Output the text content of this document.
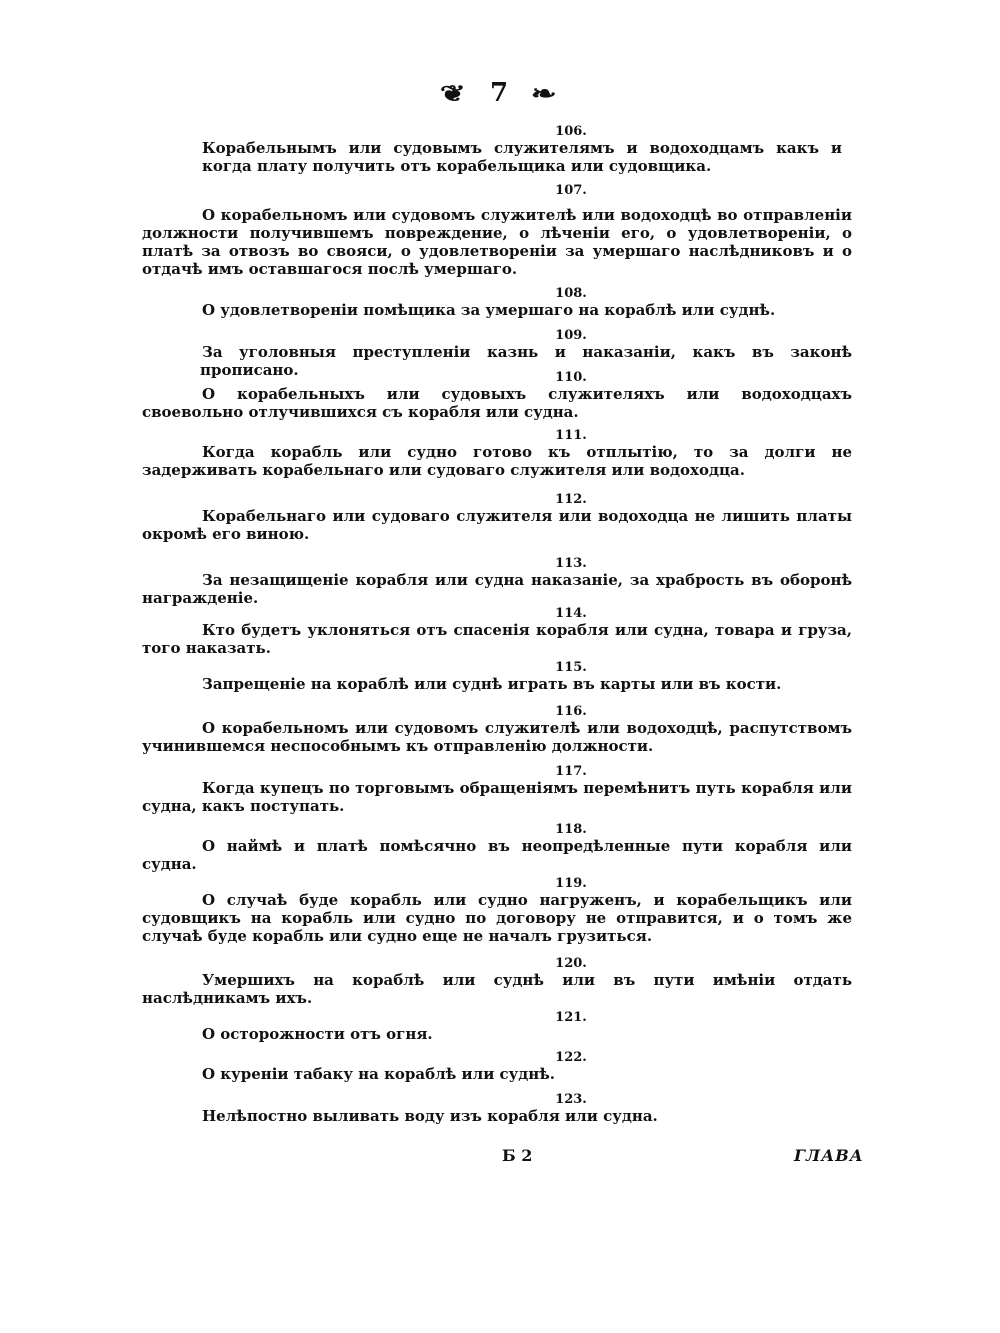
❦ 7 ❧
106.
Корабельнымъ или судовымъ служителямъ и водоходцамъ какъ и когда плату получить отъ корабельщика или судовщика.
107.
О корабельномъ или судовомъ служителѣ или водоходцѣ во отправленiи должности получившемъ повреждение, о лѣченiи его, о удовлетворенiи, о платѣ за отвозъ во свояси, о удовлетворенiи за умершаго наслѣдниковъ и о отдачѣ имъ оставшагося послѣ умершаго.
108.
О удовлетворенiи помѣщика за умершаго на кораблѣ или суднѣ.
109.
За уголовныя преступленiи казнь и наказанiи, какъ въ законѣ прописано.	110.
О корабельныхъ или судовыхъ служителяхъ или водоходцахъ своевольно отлучившихся съ корабля или судна.
111.
Когда корабль или судно готово къ отплытiю, то за долги не задерживать корабельнаго или судоваго служителя или водоходца.
112.
Корабельнаго или судоваго служителя или водоходца не лишить платы окромѣ его виною.
113.
За незащищенiе корабля или судна наказанiе, за храбрость въ оборонѣ награжденiе.
114.
Кто будетъ уклоняться отъ спасенiя корабля или судна, товара и груза, того наказать.
115.
Запрещенiе на кораблѣ или суднѣ играть въ карты или въ кости.
116.
О корабельномъ или судовомъ служителѣ или водоходцѣ, распутствомъ учинившемся неспособнымъ къ отправленiю должности.
117.
Когда купецъ по торговымъ обращенiямъ перемѣнитъ путь корабля или судна, какъ поступать.
118.
О наймѣ и платѣ помѣсячно въ неопредѣленные пути корабля или судна.
119.
О случаѣ буде корабль или судно нагруженъ, и корабельщикъ или судовщикъ на корабль или судно по договору не отправится, и о томъ же случаѣ буде корабль или судно еще не началъ грузиться.
120.
Умершихъ на кораблѣ или суднѣ или въ пути имѣнiи отдать наслѣдникамъ ихъ.
121.
О осторожности отъ огня.
122.
О куренiи табаку на кораблѣ или суднѣ.
123.
Нелѣпостно выливать воду изъ корабля или судна.
Б 2	ГЛАВА
